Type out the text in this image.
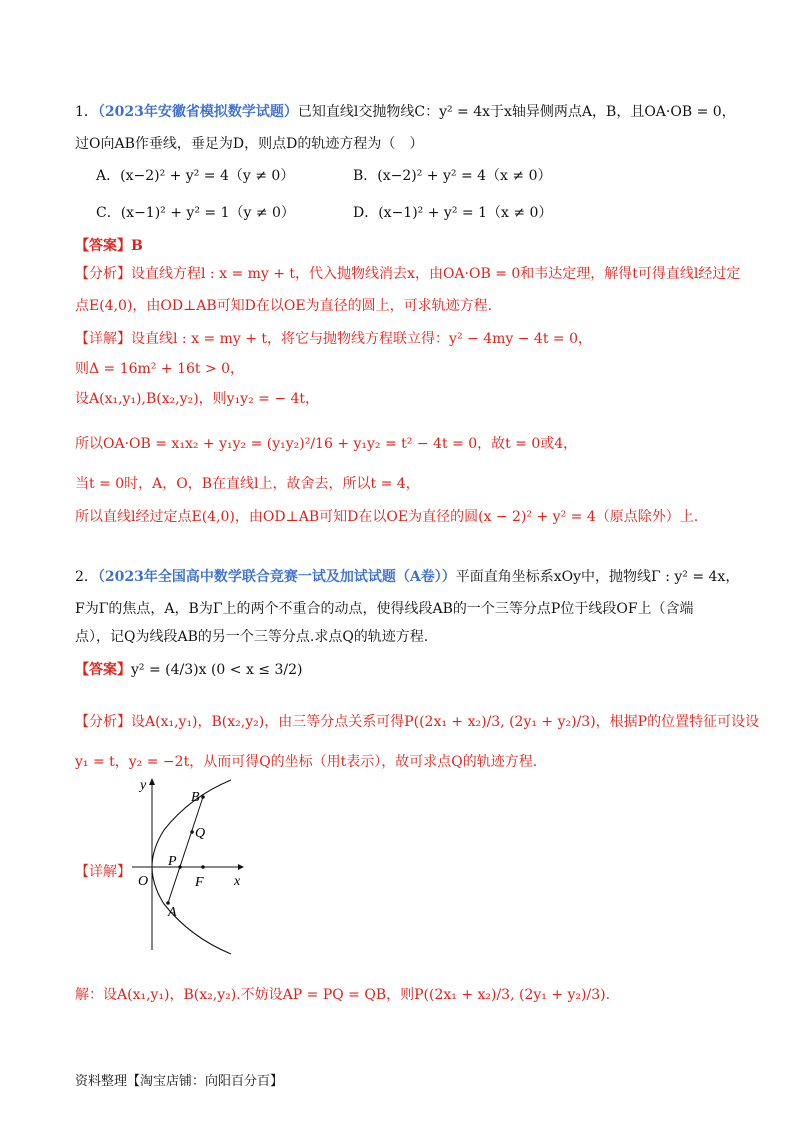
1．（2023年安徽省模拟数学试题）已知直线l交抛物线C：y² = 4x于x轴异侧两点A，B，且OA·OB = 0，
过O向AB作垂线，垂足为D，则点D的轨迹方程为（　）
A．(x−2)² + y² = 4（y ≠ 0）	B．(x−2)² + y² = 4（x ≠ 0）
C．(x−1)² + y² = 1（y ≠ 0）	D．(x−1)² + y² = 1（x ≠ 0）
【答案】B
【分析】设直线方程l : x = my + t，代入抛物线消去x，由OA·OB = 0和韦达定理，解得t可得直线l经过定
点E(4,0)，由OD⊥AB可知D在以OE为直径的圆上，可求轨迹方程.
【详解】设直线l : x = my + t，将它与抛物线方程联立得：y² − 4my − 4t = 0，
则Δ = 16m² + 16t > 0，
设A(x₁,y₁),B(x₂,y₂)，则y₁y₂ = − 4t，
所以OA·OB = x₁x₂ + y₁y₂ = (y₁y₂)²/16 + y₁y₂ = t² − 4t = 0，故t = 0或4，
当t = 0时，A，O，B在直线l上，故舍去，所以t = 4，
所以直线l经过定点E(4,0)，由OD⊥AB可知D在以OE为直径的圆(x − 2)² + y² = 4（原点除外）上.
2．（2023年全国高中数学联合竞赛一试及加试试题（A卷））平面直角坐标系xOy中，抛物线Γ : y² = 4x，
F为Γ的焦点，A，B为Γ上的两个不重合的动点，使得线段AB的一个三等分点P位于线段OF上（含端
点），记Q为线段AB的另一个三等分点.求点Q的轨迹方程.
【答案】y² = (4/3)x (0 < x ≤ 3/2)
【分析】设A(x₁,y₁)，B(x₂,y₂)，由三等分点关系可得P((2x₁ + x₂)/3, (2y₁ + y₂)/3)，根据P的位置特征可设设
y₁ = t，y₂ = −2t，从而可得Q的坐标（用t表示），故可求点Q的轨迹方程.
【详解】
解：设A(x₁,y₁)，B(x₂,y₂).不妨设AP = PQ = QB，则P((2x₁ + x₂)/3, (2y₁ + y₂)/3).
y
x
O	F
A
B
P
Q
资料整理【淘宝店铺：向阳百分百】
